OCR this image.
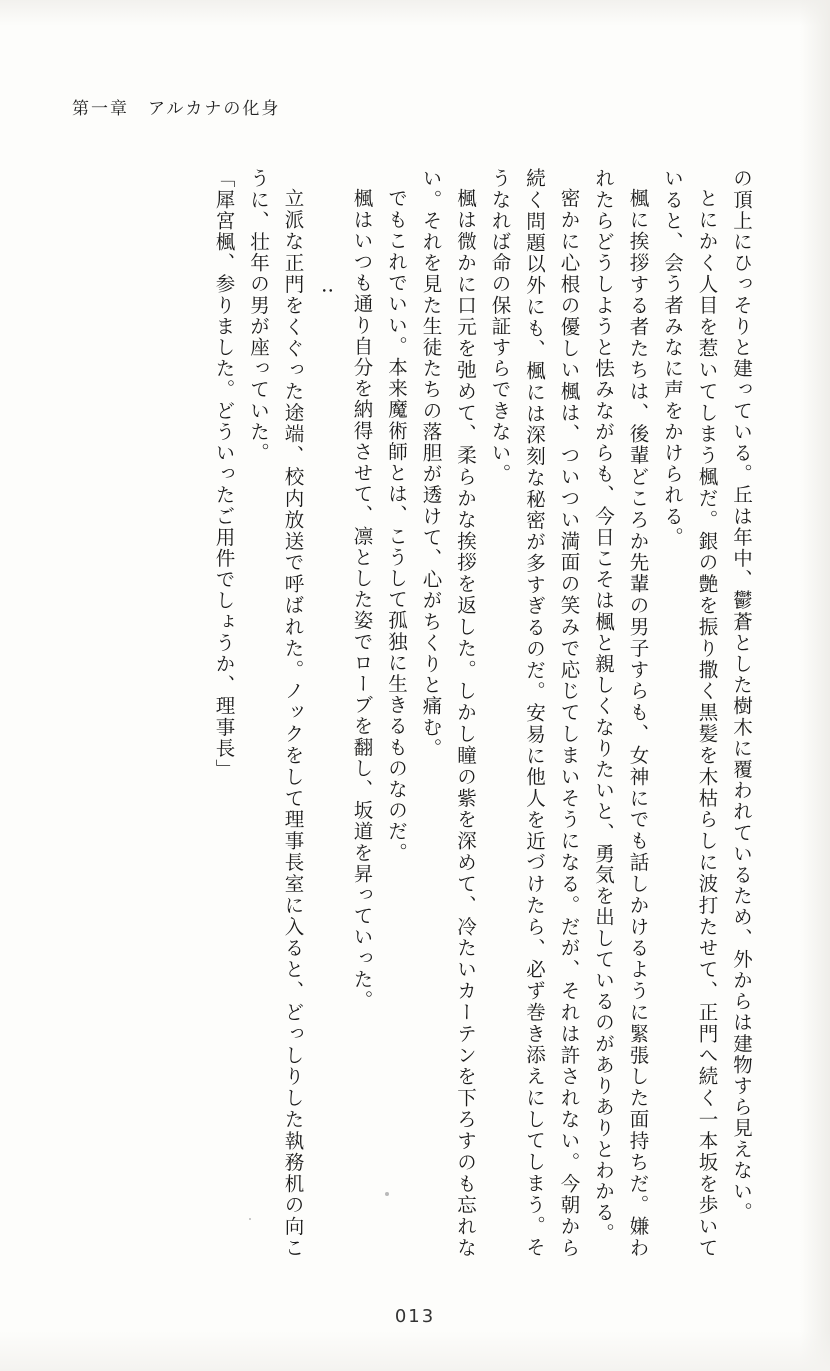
第一章　アルカナの化身

の頂上にひっそりと建っている。丘は年中、鬱蒼とした樹木に覆われているため、外からは建物すら見えない。

とにかく人目を惹いてしまう楓だ。銀の艶を振り撒く黒髪を木枯らしに波打たせて、正門へ続く一本坂を歩いていると、会う者みなに声をかけられる。

楓に挨拶する者たちは、後輩どころか先輩の男子すらも、女神にでも話しかけるように緊張した面持ちだ。嫌われたらどうしようと怯みながらも、今日こそは楓と親しくなりたいと、勇気を出しているのがありありとわかる。

密かに心根の優しい楓は、ついつい満面の笑みで応じてしまいそうになる。だが、それは許されない。今朝から続く問題以外にも、楓には深刻な秘密が多すぎるのだ。安易に他人を近づけたら、必ず巻き添えにしてしまう。そうなれば命の保証すらできない。

楓は微かに口元を弛めて、柔らかな挨拶を返した。しかし瞳の紫を深めて、冷たいカーテンを下ろすのも忘れない。それを見た生徒たちの落胆が透けて、心がちくりと痛む。

でもこれでいい。本来魔術師とは、こうして孤独に生きるものなのだ。

楓はいつも通り自分を納得させて、凛とした姿でローブを翻し、坂道を昇っていった。

　　　　　‥

立派な正門をくぐった途端、校内放送で呼ばれた。ノックをして理事長室に入ると、どっしりした執務机の向こうに、壮年の男が座っていた。

「犀宮楓、参りました。どういったご用件でしょうか、理事長」

013
